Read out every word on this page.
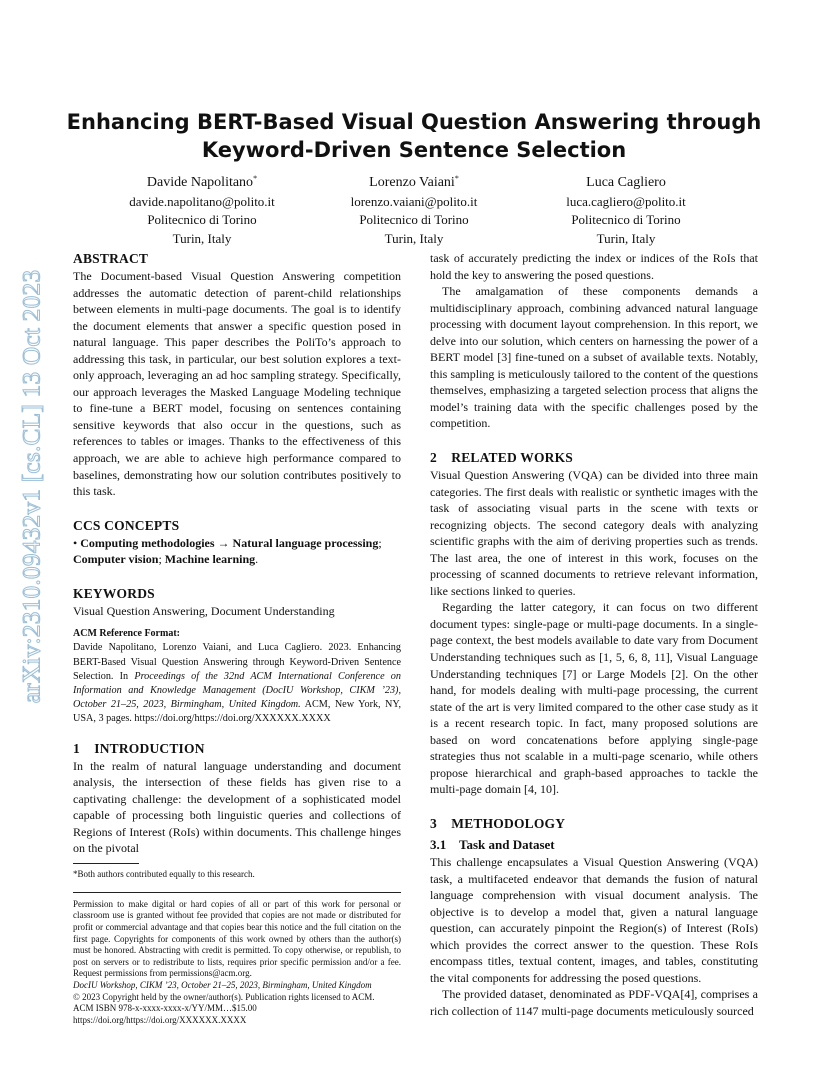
arXiv:2310.09432v1 [cs.CL] 13 Oct 2023
Enhancing BERT-Based Visual Question Answering through
Keyword-Driven Sentence Selection
Davide Napolitano*
davide.napolitano@polito.it
Politecnico di Torino
Turin, Italy
Lorenzo Vaiani*
lorenzo.vaiani@polito.it
Politecnico di Torino
Turin, Italy
Luca Cagliero
luca.cagliero@polito.it
Politecnico di Torino
Turin, Italy
ABSTRACT

The Document-based Visual Question Answering competition addresses the automatic detection of parent-child relationships between elements in multi-page documents. The goal is to identify the document elements that answer a specific question posed in natural language. This paper describes the PoliTo’s approach to addressing this task, in particular, our best solution explores a text-only approach, leveraging an ad hoc sampling strategy. Specifically, our approach leverages the Masked Language Modeling technique to fine-tune a BERT model, focusing on sentences containing sensitive keywords that also occur in the questions, such as references to tables or images. Thanks to the effectiveness of this approach, we are able to achieve high performance compared to baselines, demonstrating how our solution contributes positively to this task.

CCS CONCEPTS

• Computing methodologies → Natural language processing; Computer vision; Machine learning.

KEYWORDS

Visual Question Answering, Document Understanding

ACM Reference Format:

Davide Napolitano, Lorenzo Vaiani, and Luca Cagliero. 2023. Enhancing BERT-Based Visual Question Answering through Keyword-Driven Sentence Selection. In Proceedings of the 32nd ACM International Conference on Information and Knowledge Management (DocIU Workshop, CIKM ’23), October 21–25, 2023, Birmingham, United Kingdom. ACM, New York, NY, USA, 3 pages. https://doi.org/https://doi.org/XXXXXX.XXXX

1    INTRODUCTION

In the realm of natural language understanding and document analysis, the intersection of these fields has given rise to a captivating challenge: the development of a sophisticated model capable of processing both linguistic queries and collections of Regions of Interest (RoIs) within documents. This challenge hinges on the pivotal

*Both authors contributed equally to this research.

Permission to make digital or hard copies of all or part of this work for personal or classroom use is granted without fee provided that copies are not made or distributed for profit or commercial advantage and that copies bear this notice and the full citation on the first page. Copyrights for components of this work owned by others than the author(s) must be honored. Abstracting with credit is permitted. To copy otherwise, or republish, to post on servers or to redistribute to lists, requires prior specific permission and/or a fee. Request permissions from permissions@acm.org.

DocIU Workshop, CIKM ’23, October 21–25, 2023, Birmingham, United Kingdom
© 2023 Copyright held by the owner/author(s). Publication rights licensed to ACM.
ACM ISBN 978-x-xxxx-xxxx-x/YY/MM…$15.00
https://doi.org/https://doi.org/XXXXXX.XXXX

task of accurately predicting the index or indices of the RoIs that hold the key to answering the posed questions.

The amalgamation of these components demands a multidisciplinary approach, combining advanced natural language processing with document layout comprehension. In this report, we delve into our solution, which centers on harnessing the power of a BERT model [3] fine-tuned on a subset of available texts. Notably, this sampling is meticulously tailored to the content of the questions themselves, emphasizing a targeted selection process that aligns the model’s training data with the specific challenges posed by the competition.

2    RELATED WORKS

Visual Question Answering (VQA) can be divided into three main categories. The first deals with realistic or synthetic images with the task of associating visual parts in the scene with texts or recognizing objects. The second category deals with analyzing scientific graphs with the aim of deriving properties such as trends. The last area, the one of interest in this work, focuses on the processing of scanned documents to retrieve relevant information, like sections linked to queries.

Regarding the latter category, it can focus on two different document types: single-page or multi-page documents. In a single-page context, the best models available to date vary from Document Understanding techniques such as [1, 5, 6, 8, 11], Visual Language Understanding techniques [7] or Large Models [2]. On the other hand, for models dealing with multi-page processing, the current state of the art is very limited compared to the other case study as it is a recent research topic. In fact, many proposed solutions are based on word concatenations before applying single-page strategies thus not scalable in a multi-page scenario, while others propose hierarchical and graph-based approaches to tackle the multi-page domain [4, 10].

3    METHODOLOGY
3.1    Task and Dataset

This challenge encapsulates a Visual Question Answering (VQA) task, a multifaceted endeavor that demands the fusion of natural language comprehension with visual document analysis. The objective is to develop a model that, given a natural language question, can accurately pinpoint the Region(s) of Interest (RoIs) which provides the correct answer to the question. These RoIs encompass titles, textual content, images, and tables, constituting the vital components for addressing the posed questions.

The provided dataset, denominated as PDF-VQA[4], comprises a rich collection of 1147 multi-page documents meticulously sourced
